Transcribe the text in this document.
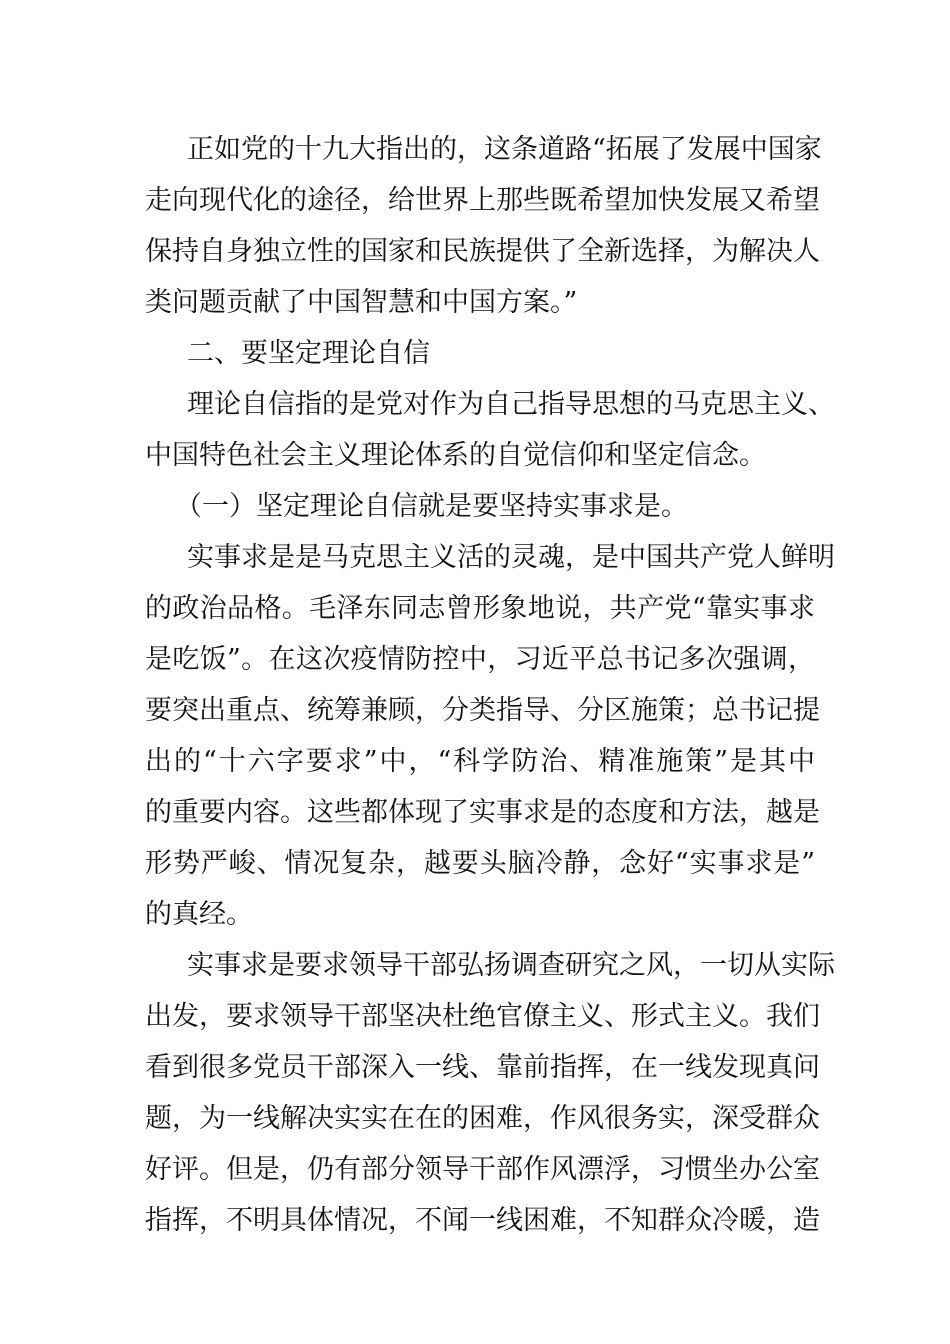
正如党的十九大指出的，这条道路“拓展了发展中国家

走向现代化的途径，给世界上那些既希望加快发展又希望

保持自身独立性的国家和民族提供了全新选择，为解决人

类问题贡献了中国智慧和中国方案。”

二、要坚定理论自信

理论自信指的是党对作为自己指导思想的马克思主义、

中国特色社会主义理论体系的自觉信仰和坚定信念。

（一）坚定理论自信就是要坚持实事求是。

实事求是是马克思主义活的灵魂，是中国共产党人鲜明

的政治品格。毛泽东同志曾形象地说，共产党“靠实事求

是吃饭”。在这次疫情防控中，习近平总书记多次强调，

要突出重点、统筹兼顾，分类指导、分区施策；总书记提

出的“十六字要求”中，“科学防治、精准施策”是其中

的重要内容。这些都体现了实事求是的态度和方法，越是

形势严峻、情况复杂，越要头脑冷静，念好“实事求是”

的真经。

实事求是要求领导干部弘扬调查研究之风，一切从实际

出发，要求领导干部坚决杜绝官僚主义、形式主义。我们

看到很多党员干部深入一线、靠前指挥，在一线发现真问

题，为一线解决实实在在的困难，作风很务实，深受群众

好评。但是，仍有部分领导干部作风漂浮，习惯坐办公室

指挥，不明具体情况，不闻一线困难，不知群众冷暖，造
